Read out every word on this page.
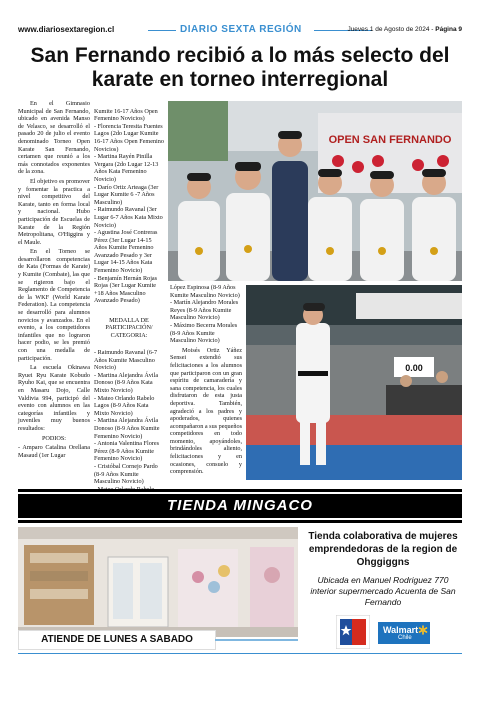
www.diariosextaregion.cl	DIARIO SEXTA REGIÓN	Jueves 1 de Agosto de 2024 - Página 9
San Fernando recibió a lo más selecto del karate en torneo interregional

En el Gimnasio Municipal de San Fernando, ubicado en avenida Manso de Velasco, se desarrolló el pasado 20 de julio el evento denominado Torneo Open Karate San Fernando, certamen que reunió a los más connotados exponentes de la zona.

El objetivo es promover y fomentar la practica a nivel competitivo del Karate, tanto en forma local y nacional. Hubo participación de Escuelas de Karate de la Región Metropolitana, O'Higgins y el Maule.

En el Torneo se desarrollaron competencias de Kata (Formas de Karate) y Kumite (Combate), las que se rigieron bajo el Reglamento de Competencia de la WKF (World Karate Federation). La competencia se desarrolló para alumnos novicios y avanzados. En el evento, a los competidores infantiles que no lograron hacer podio, se les premió con una medalla de participación.

La escuela Okinawa Ryuei Ryu Karate Kobudo Ryuho Kai, que se encuentra en Masaru Dojo, Calle Valdivia 994, participó del evento con alumnos en las categorías infantiles y juveniles muy buenos resultados:

PODIOS:

- Amparo Catalina Orellana Masaud (1er Lugar

Kumite 16-17 Años Open Femenino Novicios)
- Florencia Teresita Fuentes Lagos (2do Lugar Kumite 16-17 Años Open Femenino Novicios)
- Martina Rayén Pinilla Vergara (2do Lugar 12-13 Años Kata Femenino Novicio)
- Darío Ortiz Arteaga (3er Lugar Kumite 6 -7 Años Masculino)
- Raimundo Ravanal (3er Lugar 6-7 Años Kata Mixto Novicio)
- Agustina José Contreras Pérez (3er Lugar 14-15 Años Kumite Femenino Avanzado Pesado y 3er Lugar 14-15 Años Kata Femenino Novicio)
- Benjamín Hernán Rojas Rojas (3er Lugar Kumite +18 Años Masculino Avanzado Pesado)

MEDALLA DE PARTICIPACIÓN/ CATEGORIA:

- Raimundo Ravanal (6-7 Años Kumite Masculino Novicio)
- Martina Alejandra Ávila Donoso (8-9 Años Kata Mixto Novicio)
- Mateo Orlando Rabelo Lagos (8-9 Años Kata Mixto Novicio)
- Martina Alejandra Ávila Donoso (8-9 Años Kumite Femenino Novicio)
- Antonia Valentina Flores Pérez (8-9 Años Kumite Femenino Novicio)
- Cristóbal Cornejo Pardo (8-9 Años Kumite Masculino Novicio)

OPEN SAN FERNANDO
López Espinosa (8-9 Años Kumite Masculino Novicio)
- Martín Alejandro Morales Reyes (8-9 Años Kumite Masculino Novicio)
- Máximo Becerra Morales (8-9 Años Kumite Masculino Novicio)

Moisés Ortiz Yáñez Sensei extendió sus felicitaciones a los alumnos que participaron con un gran espíritu de camaradería y sana competencia, los cuales disfrutaron de esta justa deportiva. También, agradeció a los padres y apoderados, quienes acompañaron a sus pequeños competidores en todo momento, apoyándoles, brindándoles aliento, felicitaciones y en ocasiones, consuelo y comprensión.

0.00
TIENDA MINGACO
ATIENDE DE LUNES A SABADO
Tienda colaborativa de mujeres emprendedoras de la region de Ohggiggns
Ubicada en Manuel Rodriguez 770 interior supermercado Acuenta de San Fernando
Walmart
Chile
